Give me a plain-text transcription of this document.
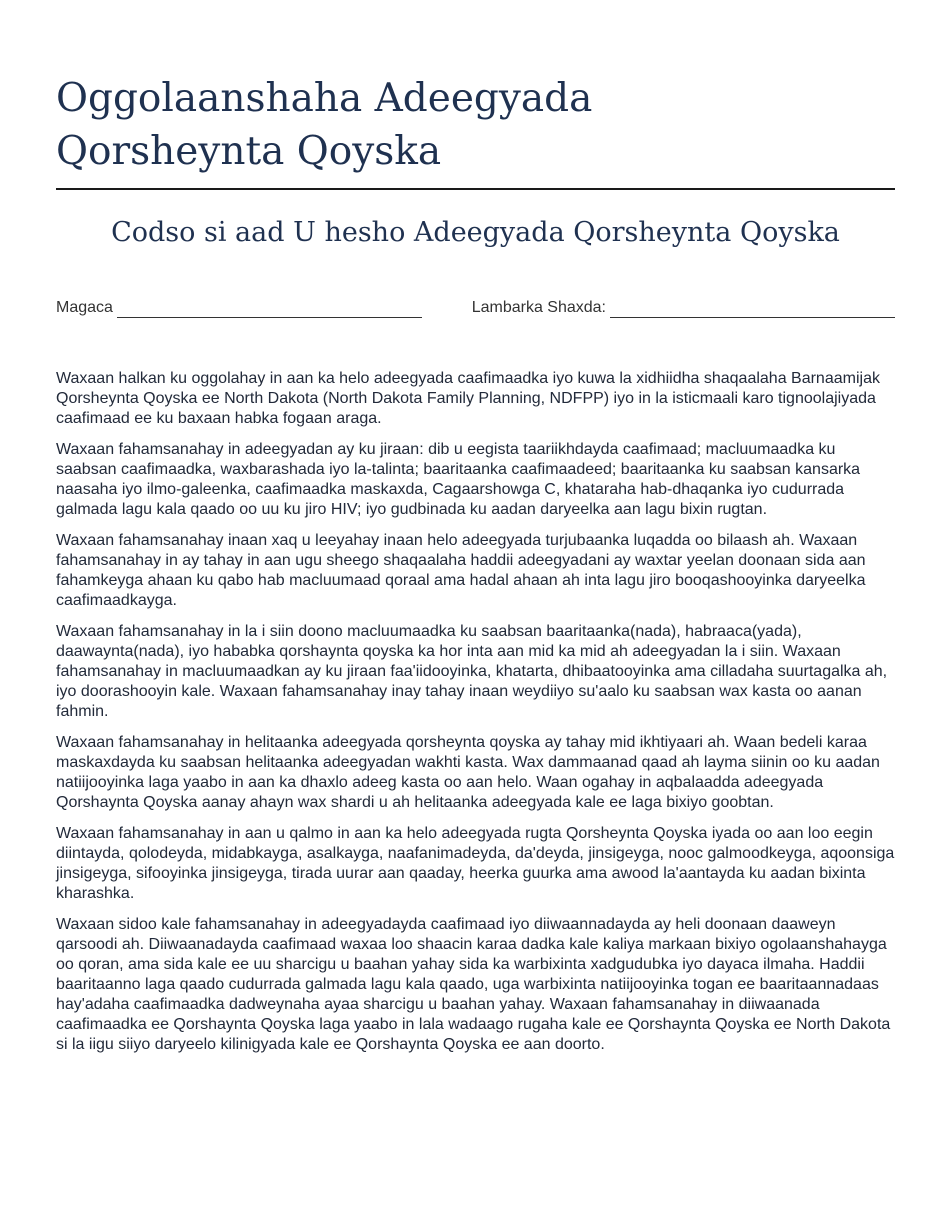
Oggolaanshaha Adeegyada
Qorsheynta Qoyska
Codso si aad U hesho Adeegyada Qorsheynta Qoyska
Magaca	Lambarka Shaxda:

Waxaan halkan ku oggolahay in aan ka helo adeegyada caafimaadka iyo kuwa la xidhiidha shaqaalaha Barnaamijak Qorsheynta Qoyska ee North Dakota (North Dakota Family Planning, NDFPP) iyo in la isticmaali karo tignoolajiyada caafimaad ee ku baxaan habka fogaan araga.

Waxaan fahamsanahay in adeegyadan ay ku jiraan: dib u eegista taariikhdayda caafimaad; macluumaadka ku saabsan caafimaadka, waxbarashada iyo la-talinta; baaritaanka caafimaadeed; baaritaanka ku saabsan kansarka naasaha iyo ilmo-galeenka, caafimaadka maskaxda, Cagaarshowga C, khataraha hab-dhaqanka iyo cudurrada galmada lagu kala qaado oo uu ku jiro HIV; iyo gudbinada ku aadan daryeelka aan lagu bixin rugtan.

Waxaan fahamsanahay inaan xaq u leeyahay inaan helo adeegyada turjubaanka luqadda oo bilaash ah. Waxaan fahamsanahay in ay tahay in aan ugu sheego shaqaalaha haddii adeegyadani ay waxtar yeelan doonaan sida aan fahamkeyga ahaan ku qabo hab macluumaad qoraal ama hadal ahaan ah inta lagu jiro booqashooyinka daryeelka caafimaadkayga.

Waxaan fahamsanahay in la i siin doono macluumaadka ku saabsan baaritaanka(nada), habraaca(yada), daawaynta(nada), iyo hababka qorshaynta qoyska ka hor inta aan mid ka mid ah adeegyadan la i siin. Waxaan fahamsanahay in macluumaadkan ay ku jiraan faa'iidooyinka, khatarta, dhibaatooyinka ama cilladaha suurtagalka ah, iyo doorashooyin kale. Waxaan fahamsanahay inay tahay inaan weydiiyo su'aalo ku saabsan wax kasta oo aanan fahmin.

Waxaan fahamsanahay in helitaanka adeegyada qorsheynta qoyska ay tahay mid ikhtiyaari ah. Waan bedeli karaa maskaxdayda ku saabsan helitaanka adeegyadan wakhti kasta. Wax dammaanad qaad ah layma siinin oo ku aadan natiijooyinka laga yaabo in aan ka dhaxlo adeeg kasta oo aan helo. Waan ogahay in aqbalaadda adeegyada Qorshaynta Qoyska aanay ahayn wax shardi u ah helitaanka adeegyada kale ee laga bixiyo goobtan.

Waxaan fahamsanahay in aan u qalmo in aan ka helo adeegyada rugta Qorsheynta Qoyska iyada oo aan loo eegin diintayda, qolodeyda, midabkayga, asalkayga, naafanimadeyda, da'deyda, jinsigeyga, nooc galmoodkeyga, aqoonsiga jinsigeyga, sifooyinka jinsigeyga, tirada uurar aan qaaday, heerka guurka ama awood la'aantayda ku aadan bixinta kharashka.

Waxaan sidoo kale fahamsanahay in adeegyadayda caafimaad iyo diiwaannadayda ay heli doonaan daaweyn qarsoodi ah. Diiwaanadayda caafimaad waxaa loo shaacin karaa dadka kale kaliya markaan bixiyo ogolaanshahayga oo qoran, ama sida kale ee uu sharcigu u baahan yahay sida ka warbixinta xadgudubka iyo dayaca ilmaha. Haddii baaritaanno laga qaado cudurrada galmada lagu kala qaado, uga warbixinta natiijooyinka togan ee baaritaannadaas hay'adaha caafimaadka dadweynaha ayaa sharcigu u baahan yahay. Waxaan fahamsanahay in diiwaanada caafimaadka ee Qorshaynta Qoyska laga yaabo in lala wadaago rugaha kale ee Qorshaynta Qoyska ee North Dakota si la iigu siiyo daryeelo kilinigyada kale ee Qorshaynta Qoyska ee aan doorto.
